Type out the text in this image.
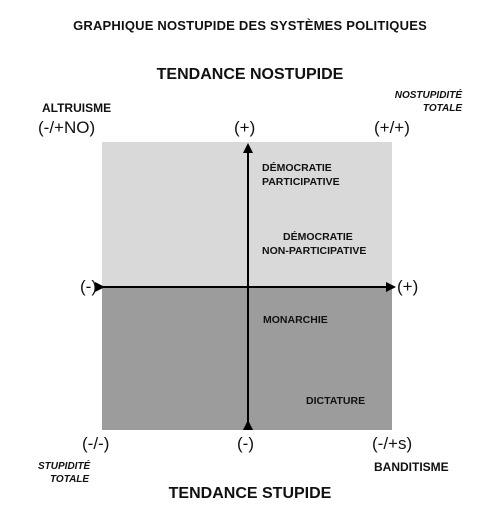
GRAPHIQUE NOSTUPIDE DES SYSTÈMES POLITIQUES
TENDANCE NOSTUPIDE
ALTRUISME
(-/+NO)
NOSTUPIDITÉ
TOTALE
(+/+)
(+)
(-)	(+)
DÉMOCRATIE
PARTICIPATIVE
DÉMOCRATIE
NON-PARTICIPATIVE
MONARCHIE
DICTATURE
(-/-)	(-)	(-/+s)
STUPIDITÉ
TOTALE
BANDITISME
TENDANCE STUPIDE
